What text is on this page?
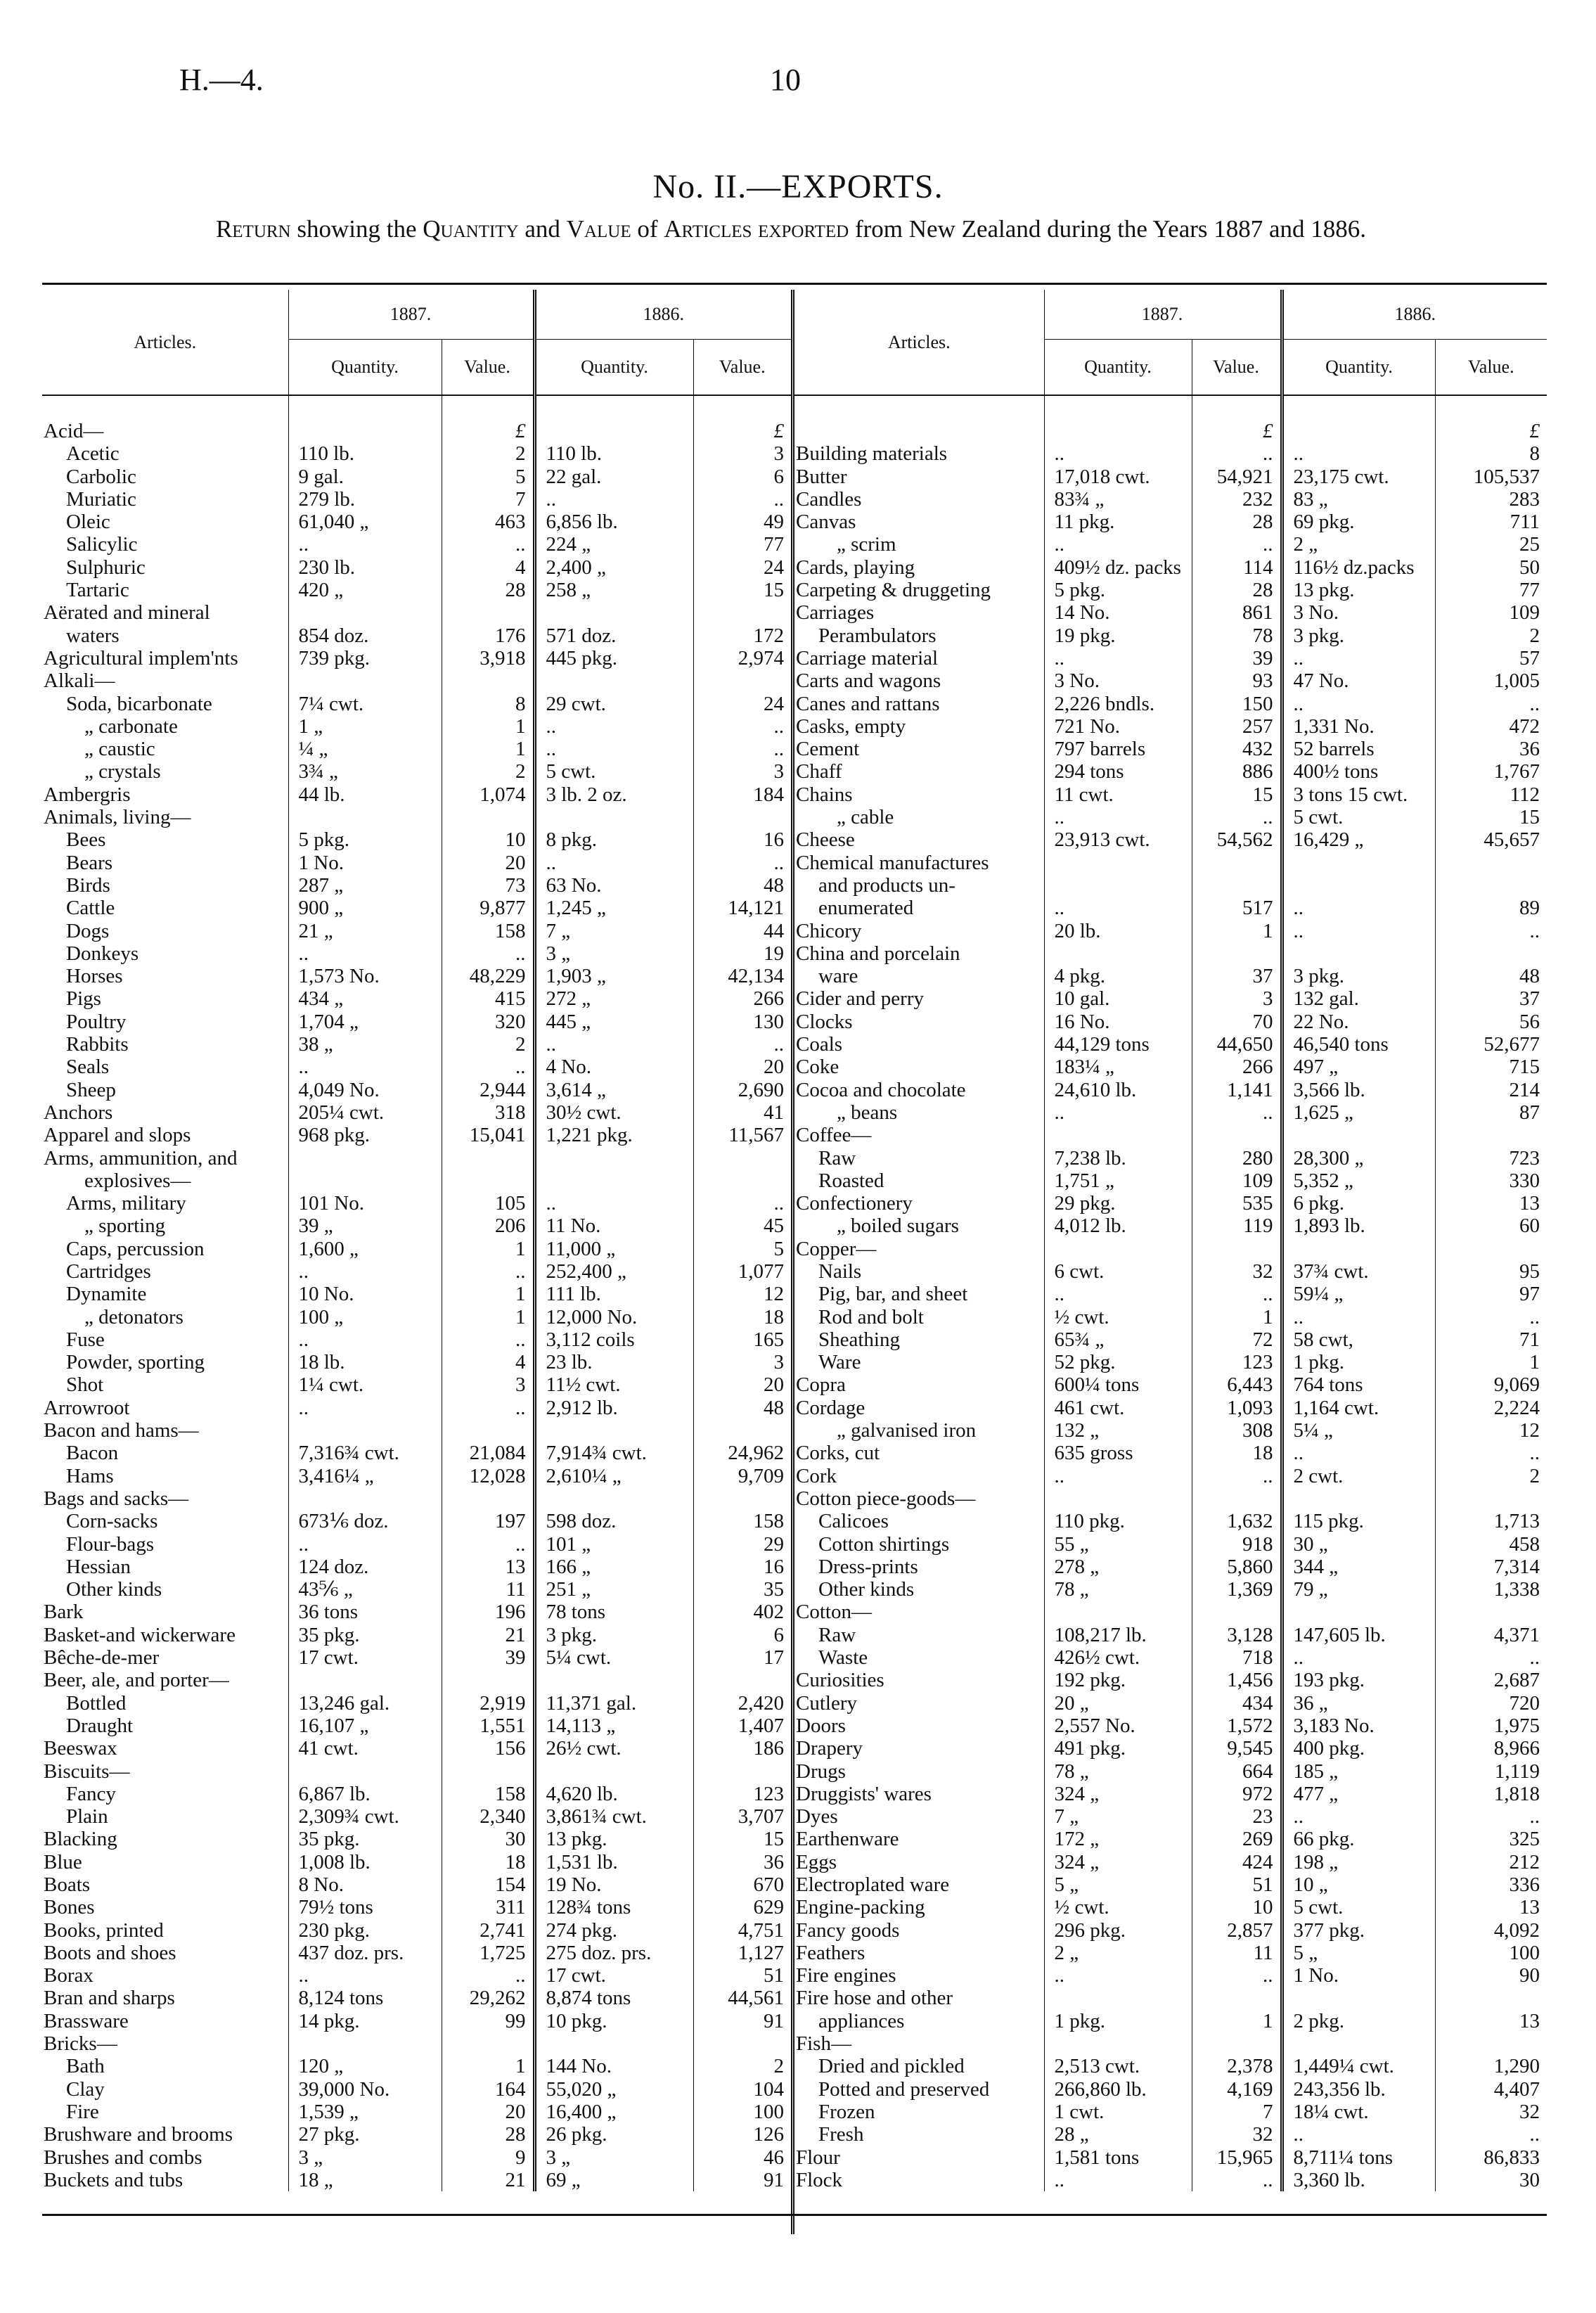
H.—4.	10
No. II.—EXPORTS.
Return showing the Quantity and Value of Articles exported from New Zealand during the Years 1887 and 1886.
Articles.	1887.		1886.	
	Quantity.	Value.	Quantity.	Value.

Acid—		£		£
Acetic	110 lb.	2	110 lb.	3
Carbolic	9 gal.	5	22 gal.	6
Muriatic	279 lb.	7	..	..
Oleic	61,040 „	463	6,856 lb.	49
Salicylic	..	..	224 „	77
Sulphuric	230 lb.	4	2,400 „	24
Tartaric	420 „	28	258 „	15
Aërated and mineral				
waters	854 doz.	176	571 doz.	172
Agricultural implem'nts	739 pkg.	3,918	445 pkg.	2,974
Alkali—				
Soda, bicarbonate	7¼ cwt.	8	29 cwt.	24
„ carbonate	1 „	1	..	..
„ caustic	¼ „	1	..	..
„ crystals	3¾ „	2	5 cwt.	3
Ambergris	44 lb.	1,074	3 lb. 2 oz.	184
Animals, living—				
Bees	5 pkg.	10	8 pkg.	16
Bears	1 No.	20	..	..
Birds	287 „	73	63 No.	48
Cattle	900 „	9,877	1,245 „	14,121
Dogs	21 „	158	7 „	44
Donkeys	..	..	3 „	19
Horses	1,573 No.	48,229	1,903 „	42,134
Pigs	434 „	415	272 „	266
Poultry	1,704 „	320	445 „	130
Rabbits	38 „	2	..	..
Seals	..	..	4 No.	20
Sheep	4,049 No.	2,944	3,614 „	2,690
Anchors	205¼ cwt.	318	30½ cwt.	41
Apparel and slops	968 pkg.	15,041	1,221 pkg.	11,567
Arms, ammunition, and				
explosives—				
Arms, military	101 No.	105	..	..
„ sporting	39 „	206	11 No.	45
Caps, percussion	1,600 „	1	11,000 „	5
Cartridges	..	..	252,400 „	1,077
Dynamite	10 No.	1	111 lb.	12
„ detonators	100 „	1	12,000 No.	18
Fuse	..	..	3,112 coils	165
Powder, sporting	18 lb.	4	23 lb.	3
Shot	1¼ cwt.	3	11½ cwt.	20
Arrowroot	..	..	2,912 lb.	48
Bacon and hams—				
Bacon	7,316¾ cwt.	21,084	7,914¾ cwt.	24,962
Hams	3,416¼ „	12,028	2,610¼ „	9,709
Bags and sacks—				
Corn-sacks	673⅙ doz.	197	598 doz.	158
Flour-bags	..	..	101 „	29
Hessian	124 doz.	13	166 „	16
Other kinds	43⅚ „	11	251 „	35
Bark	36 tons	196	78 tons	402
Basket-and wickerware	35 pkg.	21	3 pkg.	6
Bêche-de-mer	17 cwt.	39	5¼ cwt.	17
Beer, ale, and porter—				
Bottled	13,246 gal.	2,919	11,371 gal.	2,420
Draught	16,107 „	1,551	14,113 „	1,407
Beeswax	41 cwt.	156	26½ cwt.	186
Biscuits—				
Fancy	6,867 lb.	158	4,620 lb.	123
Plain	2,309¾ cwt.	2,340	3,861¾ cwt.	3,707
Blacking	35 pkg.	30	13 pkg.	15
Blue	1,008 lb.	18	1,531 lb.	36
Boats	8 No.	154	19 No.	670
Bones	79½ tons	311	128¾ tons	629
Books, printed	230 pkg.	2,741	274 pkg.	4,751
Boots and shoes	437 doz. prs.	1,725	275 doz. prs.	1,127
Borax	..	..	17 cwt.	51
Bran and sharps	8,124 tons	29,262	8,874 tons	44,561
Brassware	14 pkg.	99	10 pkg.	91
Bricks—				
Bath	120 „	1	144 No.	2
Clay	39,000 No.	164	55,020 „	104
Fire	1,539 „	20	16,400 „	100
Brushware and brooms	27 pkg.	28	26 pkg.	126
Brushes and combs	3 „	9	3 „	46
Buckets and tubs	18 „	21	69 „	91
Articles.	1887.		1886.	
	Quantity.	Value.	Quantity.	Value.

		£		£
Building materials	..	..	..	8
Butter	17,018 cwt.	54,921	23,175 cwt.	105,537
Candles	83¾ „	232	83 „	283
Canvas	11 pkg.	28	69 pkg.	711
„ scrim	..	..	2 „	25
Cards, playing	409½ dz. packs	114	116½ dz.packs	50
Carpeting & druggeting	5 pkg.	28	13 pkg.	77
Carriages	14 No.	861	3 No.	109
Perambulators	19 pkg.	78	3 pkg.	2
Carriage material	..	39	..	57
Carts and wagons	3 No.	93	47 No.	1,005
Canes and rattans	2,226 bndls.	150	..	..
Casks, empty	721 No.	257	1,331 No.	472
Cement	797 barrels	432	52 barrels	36
Chaff	294 tons	886	400½ tons	1,767
Chains	11 cwt.	15	3 tons 15 cwt.	112
„ cable	..	..	5 cwt.	15
Cheese	23,913 cwt.	54,562	16,429 „	45,657
Chemical manufactures				
and products un-				
enumerated	..	517	..	89
Chicory	20 lb.	1	..	..
China and porcelain				
ware	4 pkg.	37	3 pkg.	48
Cider and perry	10 gal.	3	132 gal.	37
Clocks	16 No.	70	22 No.	56
Coals	44,129 tons	44,650	46,540 tons	52,677
Coke	183¼ „	266	497 „	715
Cocoa and chocolate	24,610 lb.	1,141	3,566 lb.	214
„ beans	..	..	1,625 „	87
Coffee—				
Raw	7,238 lb.	280	28,300 „	723
Roasted	1,751 „	109	5,352 „	330
Confectionery	29 pkg.	535	6 pkg.	13
„ boiled sugars	4,012 lb.	119	1,893 lb.	60
Copper—				
Nails	6 cwt.	32	37¾ cwt.	95
Pig, bar, and sheet	..	..	59¼ „	97
Rod and bolt	½ cwt.	1	..	..
Sheathing	65¾ „	72	58 cwt,	71
Ware	52 pkg.	123	1 pkg.	1
Copra	600¼ tons	6,443	764 tons	9,069
Cordage	461 cwt.	1,093	1,164 cwt.	2,224
„ galvanised iron	132 „	308	5¼ „	12
Corks, cut	635 gross	18	..	..
Cork	..	..	2 cwt.	2
Cotton piece-goods—				
Calicoes	110 pkg.	1,632	115 pkg.	1,713
Cotton shirtings	55 „	918	30 „	458
Dress-prints	278 „	5,860	344 „	7,314
Other kinds	78 „	1,369	79 „	1,338
Cotton—				
Raw	108,217 lb.	3,128	147,605 lb.	4,371
Waste	426½ cwt.	718	..	..
Curiosities	192 pkg.	1,456	193 pkg.	2,687
Cutlery	20 „	434	36 „	720
Doors	2,557 No.	1,572	3,183 No.	1,975
Drapery	491 pkg.	9,545	400 pkg.	8,966
Drugs	78 „	664	185 „	1,119
Druggists' wares	324 „	972	477 „	1,818
Dyes	7 „	23	..	..
Earthenware	172 „	269	66 pkg.	325
Eggs	324 „	424	198 „	212
Electroplated ware	5 „	51	10 „	336
Engine-packing	½ cwt.	10	5 cwt.	13
Fancy goods	296 pkg.	2,857	377 pkg.	4,092
Feathers	2 „	11	5 „	100
Fire engines	..	..	1 No.	90
Fire hose and other				
appliances	1 pkg.	1	2 pkg.	13
Fish—				
Dried and pickled	2,513 cwt.	2,378	1,449¼ cwt.	1,290
Potted and preserved	266,860 lb.	4,169	243,356 lb.	4,407
Frozen	1 cwt.	7	18¼ cwt.	32
Fresh	28 „	32	..	..
Flour	1,581 tons	15,965	8,711¼ tons	86,833
Flock	..	..	3,360 lb.	30
